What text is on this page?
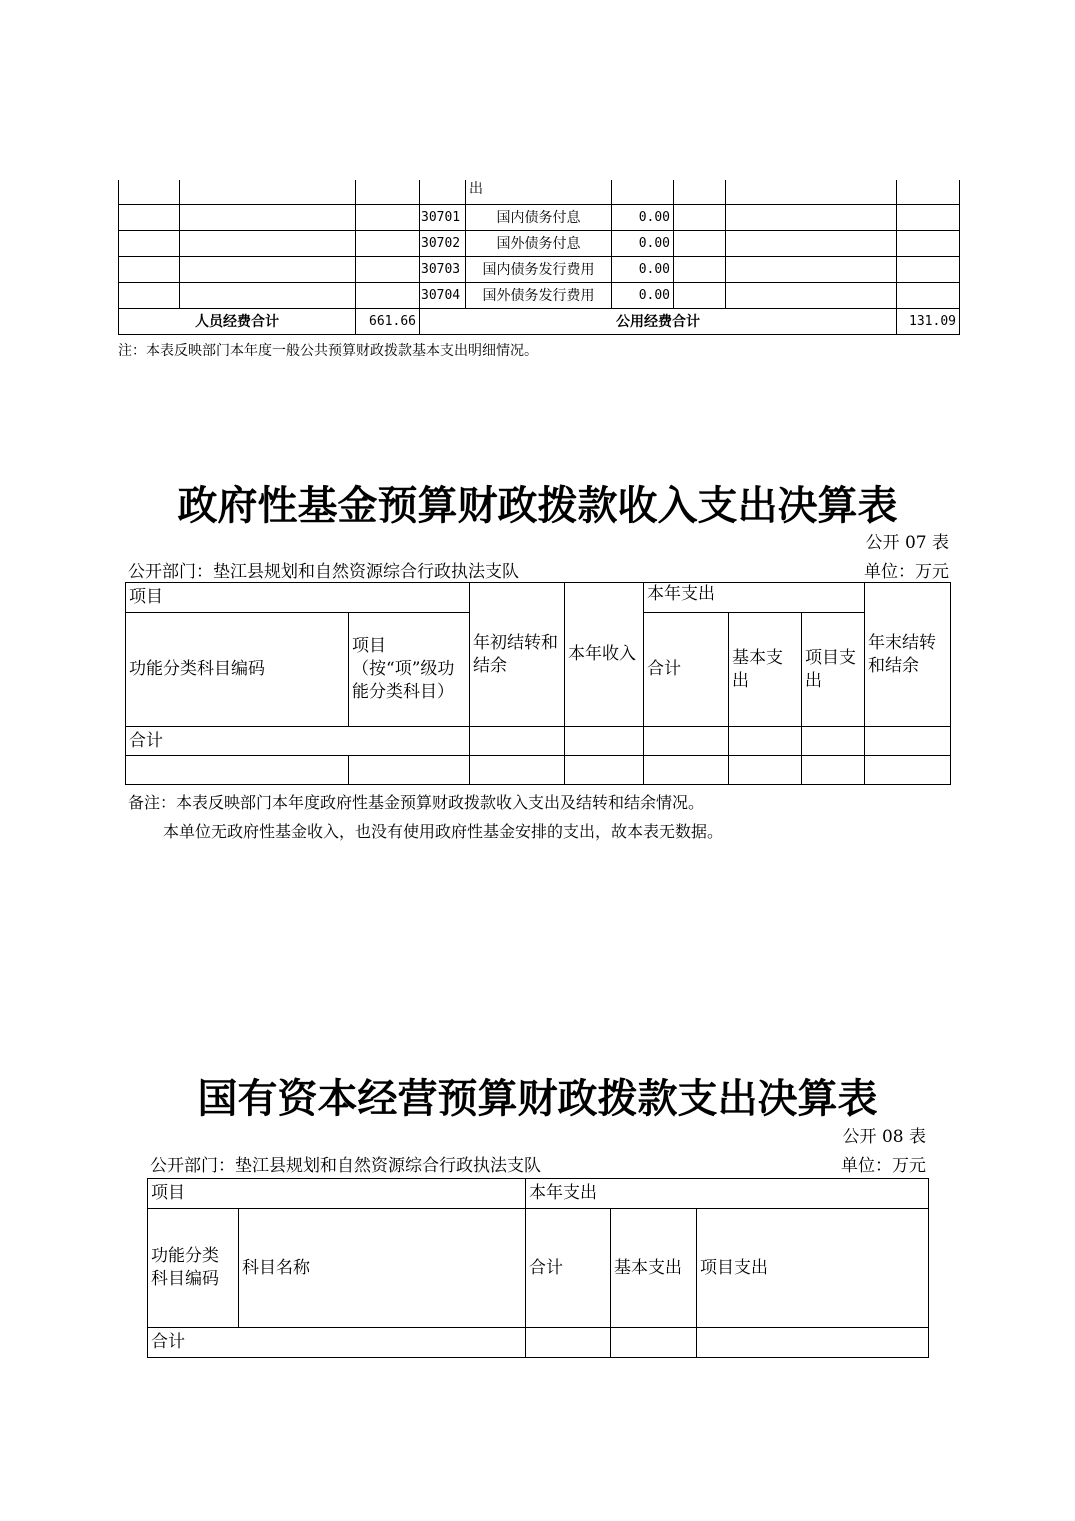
				出				
			30701	国内债务付息	0.00			
			30702	国外债务付息	0.00			
			30703	国内债务发行费用	0.00			
			30704	国外债务发行费用	0.00			
人员经费合计		661.66	公用经费合计					131.09
注：本表反映部门本年度一般公共预算财政拨款基本支出明细情况。
政府性基金预算财政拨款收入支出决算表
公开 07 表
公开部门：垫江县规划和自然资源综合行政执法支队	单位：万元
项目		年初结转和结余	本年收入	本年支出			年末结转和结余
功能分类科目编码	项目（按“项”级功能分类科目）			合计	基本支出	项目支出	
合计							

备注：本表反映部门本年度政府性基金预算财政拨款收入支出及结转和结余情况。
本单位无政府性基金收入，也没有使用政府性基金安排的支出，故本表无数据。
国有资本经营预算财政拨款支出决算表
公开 08 表
公开部门：垫江县规划和自然资源综合行政执法支队	单位：万元
项目		本年支出		
功能分类科目编码	科目名称	合计	基本支出	项目支出
合计				
